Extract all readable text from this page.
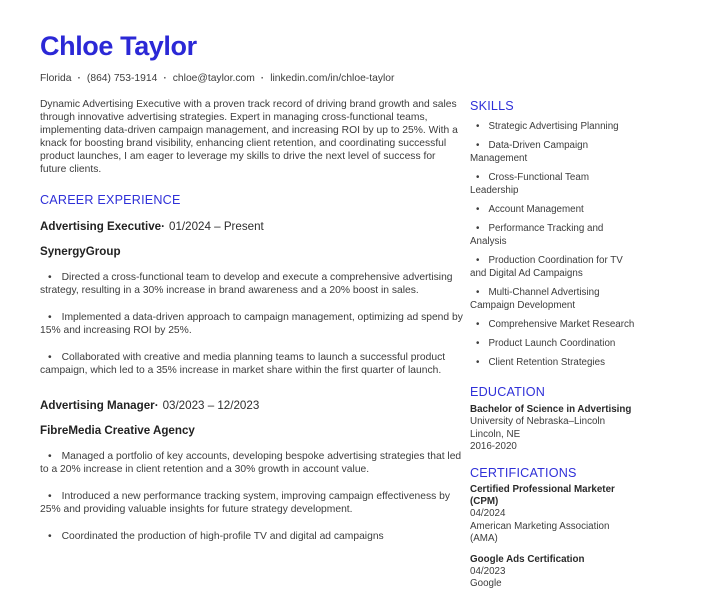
Chloe Taylor
Florida · (864) 753-1914 · chloe@taylor.com · linkedin.com/in/chloe-taylor

Dynamic Advertising Executive with a proven track record of driving brand growth and sales through innovative advertising strategies. Expert in managing cross-functional teams, implementing data-driven campaign management, and increasing ROI by up to 25%. With a knack for boosting brand visibility, enhancing client retention, and coordinating successful product launches, I am eager to leverage my skills to drive the next level of success for future clients.

CAREER EXPERIENCE
Advertising Executive· 01/2024 – Present
SynergyGroup

• Directed a cross-functional team to develop and execute a comprehensive advertising strategy, resulting in a 30% increase in brand awareness and a 20% boost in sales.

• Implemented a data-driven approach to campaign management, optimizing ad spend by 15% and increasing ROI by 25%.

• Collaborated with creative and media planning teams to launch a successful product campaign, which led to a 35% increase in market share within the first quarter of launch.

Advertising Manager· 03/2023 – 12/2023
FibreMedia Creative Agency

• Managed a portfolio of key accounts, developing bespoke advertising strategies that led to a 20% increase in client retention and a 30% growth in account value.

• Introduced a new performance tracking system, improving campaign effectiveness by 25% and providing valuable insights for future strategy development.

• Coordinated the production of high-profile TV and digital ad campaigns

SKILLS

• Strategic Advertising Planning

• Data-Driven Campaign Management

• Cross-Functional Team Leadership

• Account Management

• Performance Tracking and Analysis

• Production Coordination for TV and Digital Ad Campaigns

• Multi-Channel Advertising Campaign Development

• Comprehensive Market Research

• Product Launch Coordination

• Client Retention Strategies

EDUCATION

Bachelor of Science in Advertising

University of Nebraska–Lincoln

Lincoln, NE

2016-2020

CERTIFICATIONS

Certified Professional Marketer (CPM)

04/2024

American Marketing Association (AMA)

Google Ads Certification

04/2023

Google
